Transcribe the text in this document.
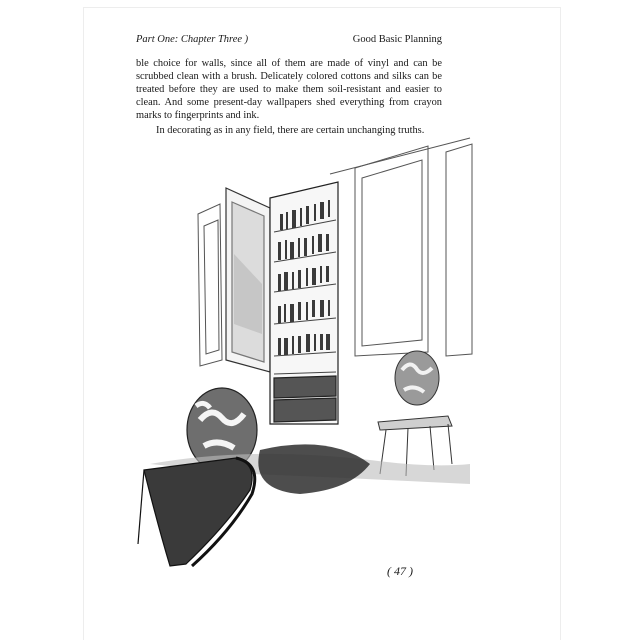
Part One: Chapter Three )	Good Basic Planning

ble choice for walls, since all of them are made of vinyl and can be scrubbed clean with a brush. Delicately colored cottons and silks can be treated before they are used to make them soil-resistant and easier to clean. And some present-day wallpapers shed everything from crayon marks to fingerprints and ink.

In decorating as in any field, there are certain unchanging truths.

( 47 )
